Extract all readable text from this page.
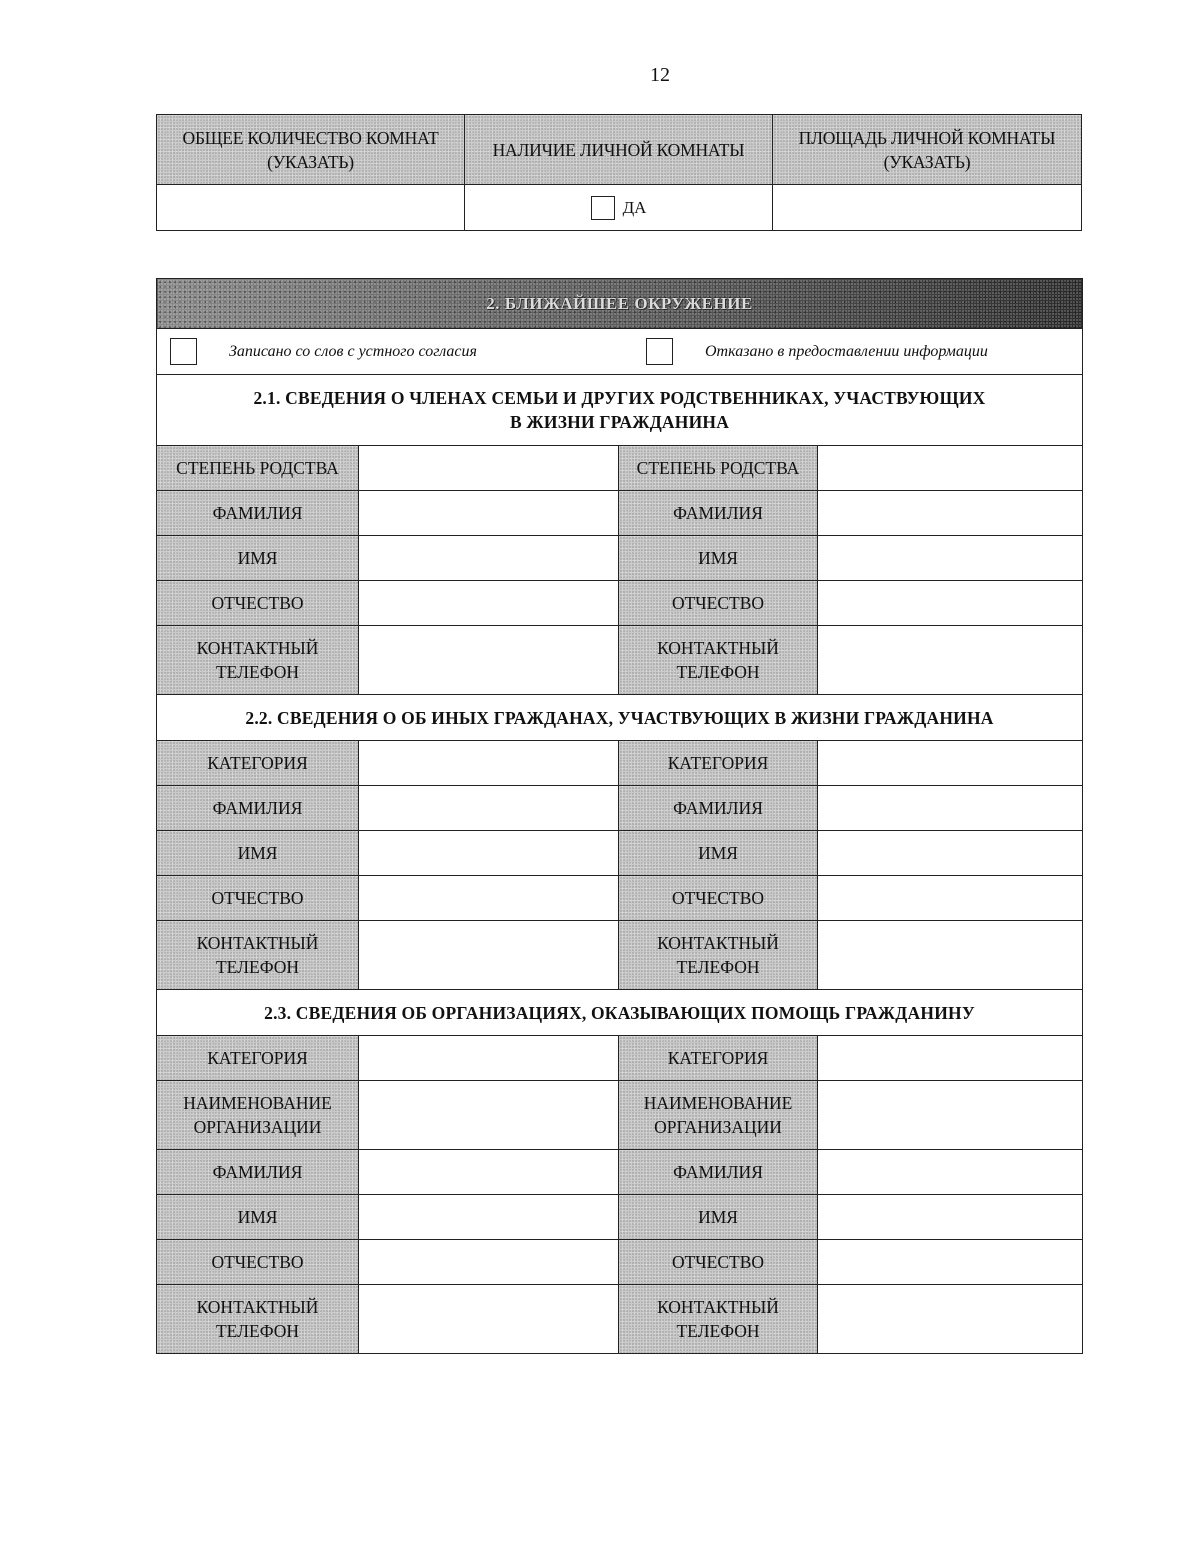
12
ОБЩЕЕ КОЛИЧЕСТВО КОМНАТ (УКАЗАТЬ)	НАЛИЧИЕ ЛИЧНОЙ КОМНАТЫ	ПЛОЩАДЬ ЛИЧНОЙ КОМНАТЫ (УКАЗАТЬ)
	ДА	
2. БЛИЖАЙШЕЕ ОКРУЖЕНИЕ			

Записано со слов с устного согласия Отказано в предоставлении информации			

2.1. СВЕДЕНИЯ О ЧЛЕНАХ СЕМЬИ И ДРУГИХ РОДСТВЕННИКАХ, УЧАСТВУЮЩИХ
В ЖИЗНИ ГРАЖДАНИНА			
СТЕПЕНЬ РОДСТВА		СТЕПЕНЬ РОДСТВА	
ФАМИЛИЯ		ФАМИЛИЯ	
ИМЯ		ИМЯ	
ОТЧЕСТВО		ОТЧЕСТВО	
КОНТАКТНЫЙ ТЕЛЕФОН		КОНТАКТНЫЙ ТЕЛЕФОН	
2.2. СВЕДЕНИЯ О ОБ ИНЫХ ГРАЖДАНАХ, УЧАСТВУЮЩИХ В ЖИЗНИ ГРАЖДАНИНА			
КАТЕГОРИЯ		КАТЕГОРИЯ	
ФАМИЛИЯ		ФАМИЛИЯ	
ИМЯ		ИМЯ	
ОТЧЕСТВО		ОТЧЕСТВО	
КОНТАКТНЫЙ ТЕЛЕФОН		КОНТАКТНЫЙ ТЕЛЕФОН	
2.3. СВЕДЕНИЯ ОБ ОРГАНИЗАЦИЯХ, ОКАЗЫВАЮЩИХ ПОМОЩЬ ГРАЖДАНИНУ			
КАТЕГОРИЯ		КАТЕГОРИЯ	
НАИМЕНОВАНИЕ ОРГАНИЗАЦИИ		НАИМЕНОВАНИЕ ОРГАНИЗАЦИИ	
ФАМИЛИЯ		ФАМИЛИЯ	
ИМЯ		ИМЯ	
ОТЧЕСТВО		ОТЧЕСТВО	
КОНТАКТНЫЙ ТЕЛЕФОН		КОНТАКТНЫЙ ТЕЛЕФОН	
